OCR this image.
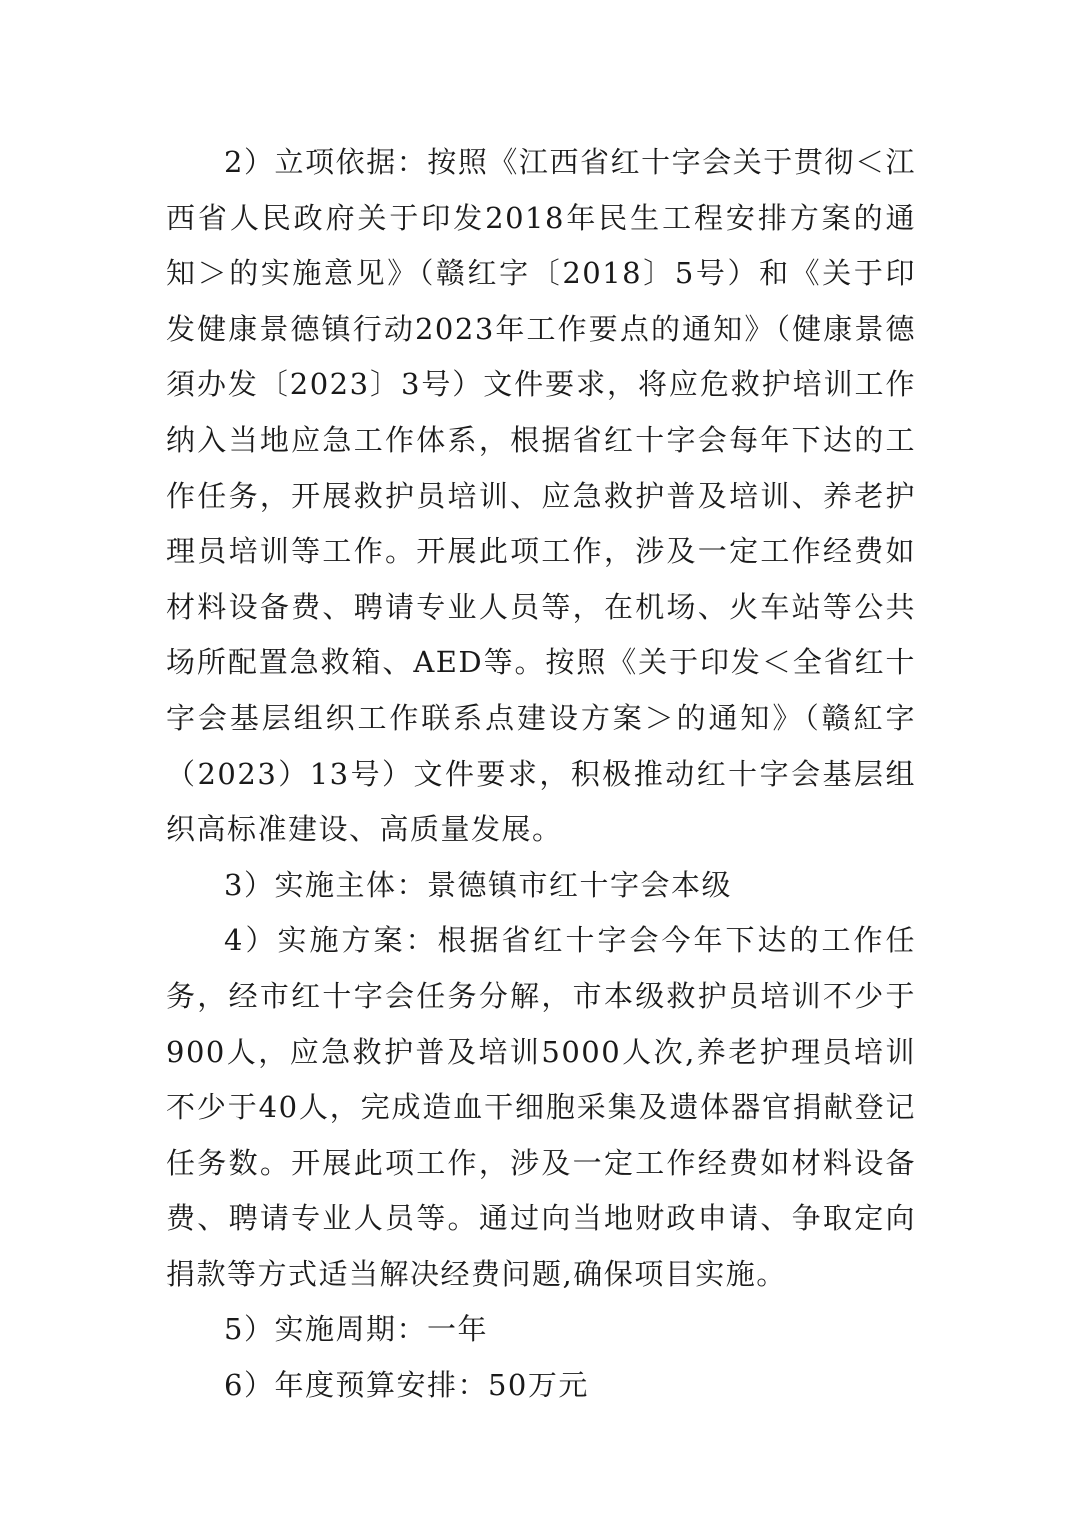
2）立项依据：按照《江西省红十字会关于贯彻＜江西省人民政府关于印发2018年民生工程安排方案的通知＞的实施意见》（赣红字〔2018〕5号）和《关于印发健康景德镇行动2023年工作要点的通知》（健康景德須办发〔2023〕3号）文件要求，将应危救护培训工作纳入当地应急工作体系，根据省红十字会每年下达的工作任务，开展救护员培训、应急救护普及培训、养老护理员培训等工作。开展此项工作，涉及一定工作经费如材料设备费、聘请专业人员等，在机场、火车站等公共场所配置急救箱、AED等。按照《关于印发＜全省红十字会基层组织工作联系点建设方案＞的通知》（赣紅字（2023）13号）文件要求，积极推动红十字会基层组织高标准建设、高质量发展。

3）实施主体：景德镇市红十字会本级

4）实施方案：根据省红十字会今年下达的工作任务，经市红十字会任务分解，市本级救护员培训不少于900人，应急救护普及培训5000人次,养老护理员培训不少于40人，完成造血干细胞采集及遗体器官捐献登记任务数。开展此项工作，涉及一定工作经费如材料设备费、聘请专业人员等。通过向当地财政申请、争取定向捐款等方式适当解决经费问题,确保项目实施。

5）实施周期：一年

6）年度预算安排：50万元
